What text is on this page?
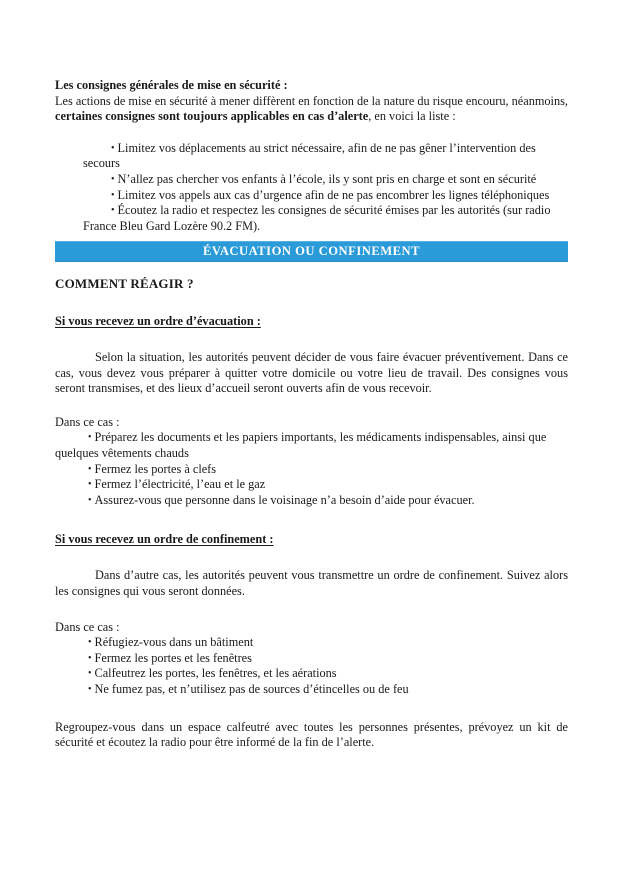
Les consignes générales de mise en sécurité :

Les actions de mise en sécurité à mener diffèrent en fonction de la nature du risque encouru, néanmoins, certaines consignes sont toujours applicables en cas d’alerte, en voici la liste :

• Limitez vos déplacements au strict nécessaire, afin de ne pas gêner l’intervention des secours
• N’allez pas chercher vos enfants à l’école, ils y sont pris en charge et sont en sécurité
• Limitez vos appels aux cas d’urgence afin de ne pas encombrer les lignes téléphoniques
• Écoutez la radio et respectez les consignes de sécurité émises par les autorités (sur radio France Bleu Gard Lozère 90.2 FM).
ÉVACUATION OU CONFINEMENT

COMMENT RÉAGIR ?

Si vous recevez un ordre d’évacuation :

Selon la situation, les autorités peuvent décider de vous faire évacuer préventivement. Dans ce cas, vous devez vous préparer à quitter votre domicile ou votre lieu de travail. Des consignes vous seront transmises, et des lieux d’accueil seront ouverts afin de vous recevoir.

Dans ce cas :

• Préparez les documents et les papiers importants, les médicaments indispensables, ainsi que quelques vêtements chauds
• Fermez les portes à clefs
• Fermez l’électricité, l’eau et le gaz
• Assurez-vous que personne dans le voisinage n’a besoin d’aide pour évacuer.
Si vous recevez un ordre de confinement :

Dans d’autre cas, les autorités peuvent vous transmettre un ordre de confinement. Suivez alors les consignes qui vous seront données.

Dans ce cas :

• Réfugiez-vous dans un bâtiment
• Fermez les portes et les fenêtres
• Calfeutrez les portes, les fenêtres, et les aérations
• Ne fumez pas, et n’utilisez pas de sources d’étincelles ou de feu

Regroupez-vous dans un espace calfeutré avec toutes les personnes présentes, prévoyez un kit de sécurité et écoutez la radio pour être informé de la fin de l’alerte.
